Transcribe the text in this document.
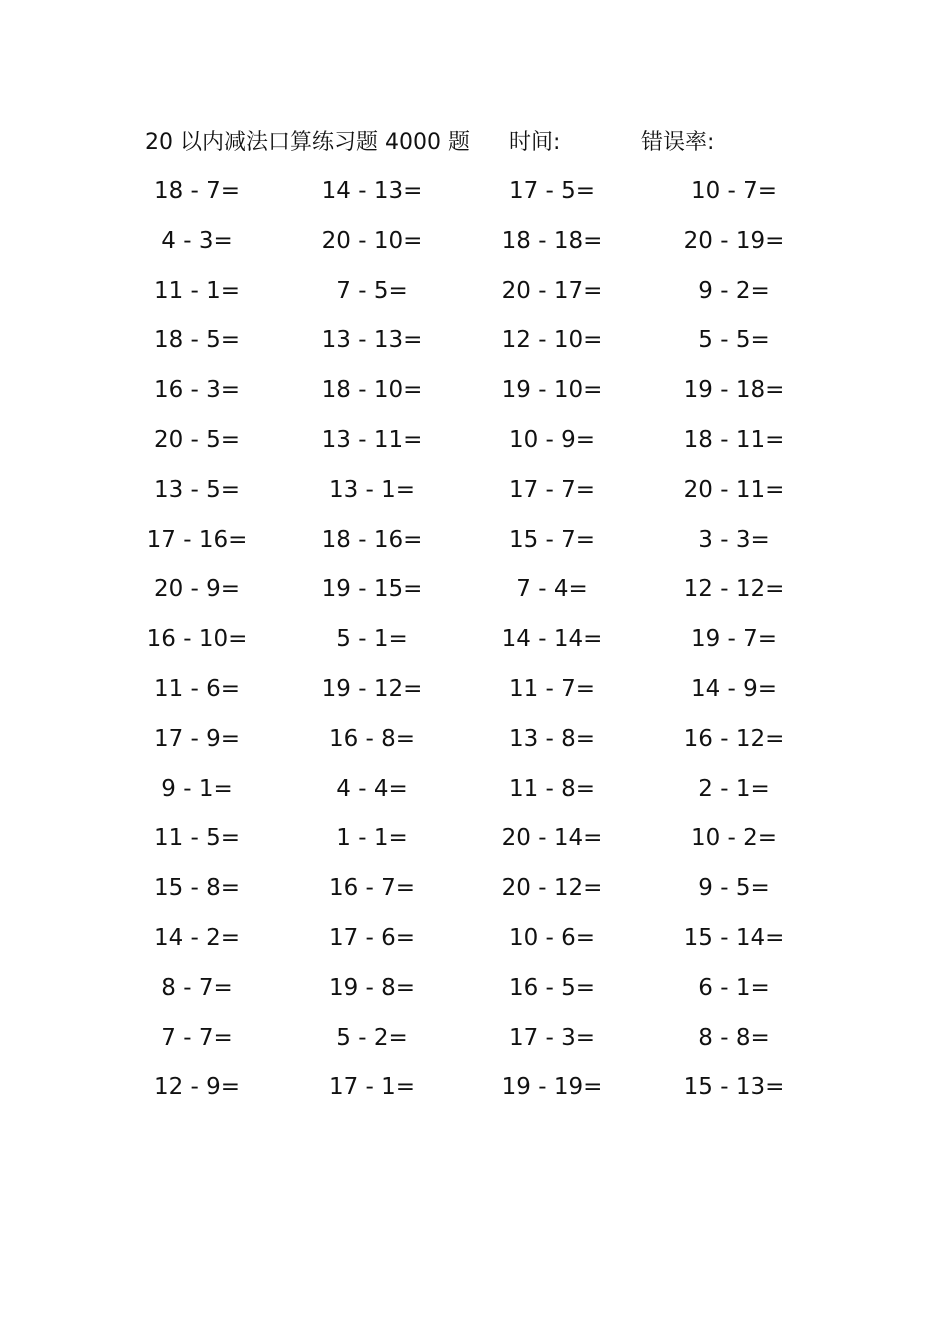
20 以内减法口算练习题 4000 题 时间:	错误率:
18 - 7=	14 - 13=	17 - 5=	10 - 7=
4 - 3=	20 - 10=	18 - 18=	20 - 19=
11 - 1=	7 - 5=	20 - 17=	9 - 2=
18 - 5=	13 - 13=	12 - 10=	5 - 5=
16 - 3=	18 - 10=	19 - 10=	19 - 18=
20 - 5=	13 - 11=	10 - 9=	18 - 11=
13 - 5=	13 - 1=	17 - 7=	20 - 11=
17 - 16=	18 - 16=	15 - 7=	3 - 3=
20 - 9=	19 - 15=	7 - 4=	12 - 12=
16 - 10=	5 - 1=	14 - 14=	19 - 7=
11 - 6=	19 - 12=	11 - 7=	14 - 9=
17 - 9=	16 - 8=	13 - 8=	16 - 12=
9 - 1=	4 - 4=	11 - 8=	2 - 1=
11 - 5=	1 - 1=	20 - 14=	10 - 2=
15 - 8=	16 - 7=	20 - 12=	9 - 5=
14 - 2=	17 - 6=	10 - 6=	15 - 14=
8 - 7=	19 - 8=	16 - 5=	6 - 1=
7 - 7=	5 - 2=	17 - 3=	8 - 8=
12 - 9=	17 - 1=	19 - 19=	15 - 13=
